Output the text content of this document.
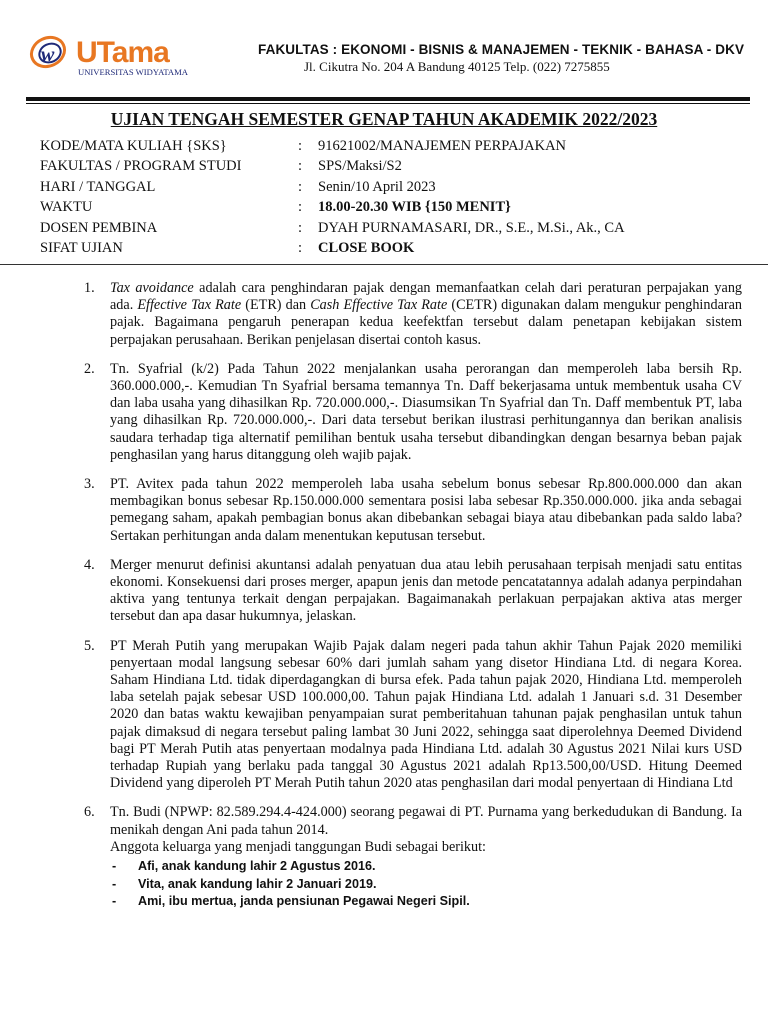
w UTama
UNIVERSITAS WIDYATAMA
FAKULTAS : EKONOMI - BISNIS & MANAJEMEN - TEKNIK - BAHASA - DKV
Jl. Cikutra No. 204 A Bandung 40125 Telp. (022) 7275855
UJIAN TENGAH SEMESTER GENAP TAHUN AKADEMIK 2022/2023
KODE/MATA KULIAH {SKS}	:	91621002/MANAJEMEN PERPAJAKAN
FAKULTAS / PROGRAM STUDI	:	SPS/Maksi/S2
HARI / TANGGAL	:	Senin/10 April 2023
WAKTU	:	18.00-20.30 WIB {150 MENIT}
DOSEN PEMBINA	:	DYAH PURNAMASARI, DR., S.E., M.Si., Ak., CA
SIFAT UJIAN	:	CLOSE BOOK
1. Tax avoidance adalah cara penghindaran pajak dengan memanfaatkan celah dari peraturan perpajakan yang ada. Effective Tax Rate (ETR) dan Cash Effective Tax Rate (CETR) digunakan dalam mengukur penghindaran pajak. Bagaimana pengaruh penerapan kedua keefektfan tersebut dalam penetapan kebijakan sistem perpajakan perusahaan. Berikan penjelasan disertai contoh kasus.

2. Tn. Syafrial (k/2) Pada Tahun 2022 menjalankan usaha perorangan dan memperoleh laba bersih Rp. 360.000.000,-. Kemudian Tn Syafrial bersama temannya Tn. Daff bekerjasama untuk membentuk usaha CV dan laba usaha yang dihasilkan Rp. 720.000.000,-. Diasumsikan Tn Syafrial dan Tn. Daff membentuk PT, laba yang dihasilkan Rp. 720.000.000,-. Dari data tersebut berikan ilustrasi perhitungannya dan berikan analisis saudara terhadap tiga alternatif pemilihan bentuk usaha tersebut dibandingkan dengan besarnya beban pajak penghasilan yang harus ditanggung oleh wajib pajak.

3. PT. Avitex pada tahun 2022 memperoleh laba usaha sebelum bonus sebesar Rp.800.000.000 dan akan membagikan bonus sebesar Rp.150.000.000 sementara posisi laba sebesar Rp.350.000.000. jika anda sebagai pemegang saham, apakah pembagian bonus akan dibebankan sebagai biaya atau dibebankan pada saldo laba? Sertakan perhitungan anda dalam menentukan keputusan tersebut.

4. Merger menurut definisi akuntansi adalah penyatuan dua atau lebih perusahaan terpisah menjadi satu entitas ekonomi. Konsekuensi dari proses merger, apapun jenis dan metode pencatatannya adalah adanya perpindahan aktiva yang tentunya terkait dengan perpajakan. Bagaimanakah perlakuan perpajakan aktiva atas merger tersebut dan apa dasar hukumnya, jelaskan.

5. PT Merah Putih yang merupakan Wajib Pajak dalam negeri pada tahun akhir Tahun Pajak 2020 memiliki penyertaan modal langsung sebesar 60% dari jumlah saham yang disetor Hindiana Ltd. di negara Korea. Saham Hindiana Ltd. tidak diperdagangkan di bursa efek. Pada tahun pajak 2020, Hindiana Ltd. memperoleh laba setelah pajak sebesar USD 100.000,00. Tahun pajak Hindiana Ltd. adalah 1 Januari s.d. 31 Desember 2020 dan batas waktu kewajiban penyampaian surat pemberitahuan tahunan pajak penghasilan untuk tahun pajak dimaksud di negara tersebut paling lambat 30 Juni 2022, sehingga saat diperolehnya Deemed Dividend bagi PT Merah Putih atas penyertaan modalnya pada Hindiana Ltd. adalah 30 Agustus 2021 Nilai kurs USD terhadap Rupiah yang berlaku pada tanggal 30 Agustus 2021 adalah Rp13.500,00/USD. Hitung Deemed Dividend yang diperoleh PT Merah Putih tahun 2020 atas penghasilan dari modal penyertaan di Hindiana Ltd

6. Tn. Budi (NPWP: 82.589.294.4-424.000) seorang pegawai di PT. Purnama yang berkedudukan di Bandung. Ia menikah dengan Ani pada tahun 2014.

Anggota keluarga yang menjadi tanggungan Budi sebagai berikut:

- Afi, anak kandung lahir 2 Agustus 2016.
- Vita, anak kandung lahir 2 Januari 2019.
- Ami, ibu mertua, janda pensiunan Pegawai Negeri Sipil.
